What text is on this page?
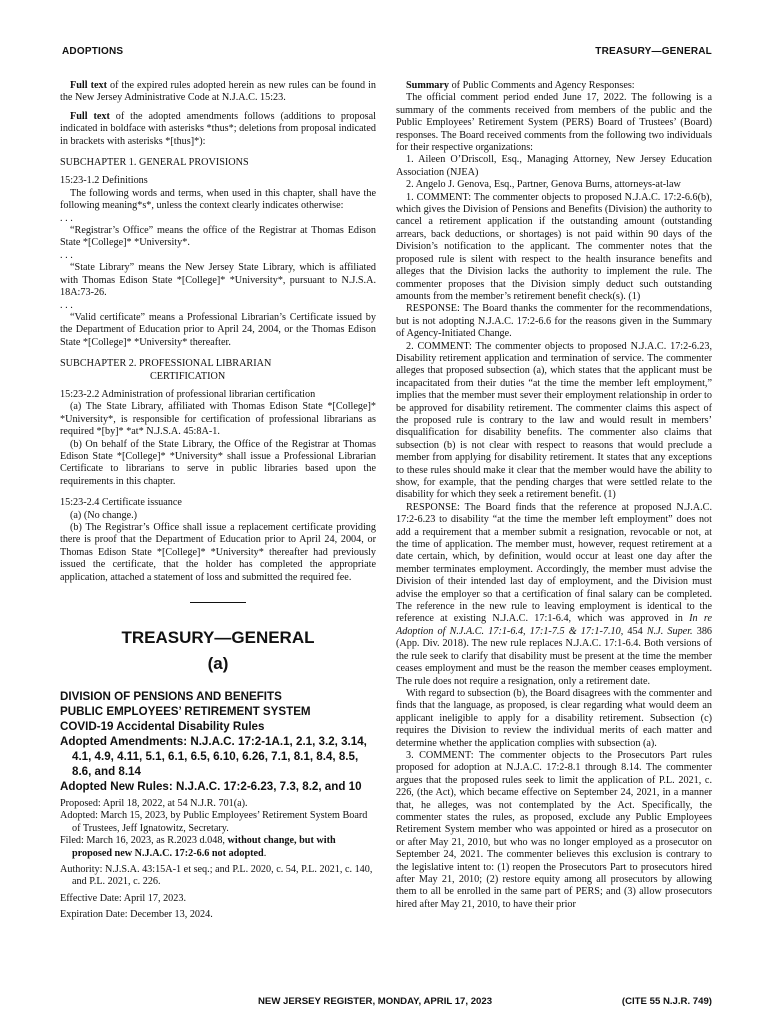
ADOPTIONS	TREASURY—GENERAL

Full text of the expired rules adopted herein as new rules can be found in the New Jersey Administrative Code at N.J.A.C. 15:23.

Full text of the adopted amendments follows (additions to proposal indicated in boldface with asterisks *thus*; deletions from proposal indicated in brackets with asterisks *[thus]*):

SUBCHAPTER 1. GENERAL PROVISIONS

15:23-1.2 Definitions

The following words and terms, when used in this chapter, shall have the following meaning*s*, unless the context clearly indicates otherwise:

. . .

“Registrar’s Office” means the office of the Registrar at Thomas Edison State *[College]* *University*.

. . .

“State Library” means the New Jersey State Library, which is affiliated with Thomas Edison State *[College]* *University*, pursuant to N.J.S.A. 18A:73-26.

. . .

“Valid certificate” means a Professional Librarian’s Certificate issued by the Department of Education prior to April 24, 2004, or the Thomas Edison State *[College]* *University* thereafter.

SUBCHAPTER 2. PROFESSIONAL LIBRARIAN

CERTIFICATION

15:23-2.2 Administration of professional librarian certification

(a) The State Library, affiliated with Thomas Edison State *[College]* *University*, is responsible for certification of professional librarians as required *[by]* *at* N.J.S.A. 45:8A-1.

(b) On behalf of the State Library, the Office of the Registrar at Thomas Edison State *[College]* *University* shall issue a Professional Librarian Certificate to librarians to serve in public libraries based upon the requirements in this chapter.

15:23-2.4 Certificate issuance

(a) (No change.)

(b) The Registrar’s Office shall issue a replacement certificate providing there is proof that the Department of Education prior to April 24, 2004, or Thomas Edison State *[College]* *University* thereafter had previously issued the certificate, that the holder has completed the appropriate application, attached a statement of loss and submitted the required fee.

TREASURY—GENERAL
(a)
DIVISION OF PENSIONS AND BENEFITS
PUBLIC EMPLOYEES’ RETIREMENT SYSTEM
COVID-19 Accidental Disability Rules
Adopted Amendments: N.J.A.C. 17:2-1A.1, 2.1, 3.2, 3.14, 4.1, 4.9, 4.11, 5.1, 6.1, 6.5, 6.10, 6.26, 7.1, 8.1, 8.4, 8.5, 8.6, and 8.14
Adopted New Rules: N.J.A.C. 17:2-6.23, 7.3, 8.2, and 10

Proposed: April 18, 2022, at 54 N.J.R. 701(a).

Adopted: March 15, 2023, by Public Employees’ Retirement System Board of Trustees, Jeff Ignatowitz, Secretary.

Filed: March 16, 2023, as R.2023 d.048, without change, but with proposed new N.J.A.C. 17:2-6.6 not adopted.

Authority: N.J.S.A. 43:15A-1 et seq.; and P.L. 2020, c. 54, P.L. 2021, c. 140, and P.L. 2021, c. 226.

Effective Date: April 17, 2023.

Expiration Date: December 13, 2024.

Summary of Public Comments and Agency Responses:

The official comment period ended June 17, 2022. The following is a summary of the comments received from members of the public and the Public Employees’ Retirement System (PERS) Board of Trustees’ (Board) responses. The Board received comments from the following two individuals for their respective organizations:

1. Aileen O’Driscoll, Esq., Managing Attorney, New Jersey Education Association (NJEA)

2. Angelo J. Genova, Esq., Partner, Genova Burns, attorneys-at-law

1. COMMENT: The commenter objects to proposed N.J.A.C. 17:2-6.6(b), which gives the Division of Pensions and Benefits (Division) the authority to cancel a retirement application if the outstanding amount (outstanding arrears, back deductions, or shortages) is not paid within 90 days of the Division’s notification to the applicant. The commenter notes that the proposed rule is silent with respect to the health insurance benefits and alleges that the Division lacks the authority to implement the rule. The commenter proposes that the Division simply deduct such outstanding amounts from the member’s retirement benefit check(s). (1)

RESPONSE: The Board thanks the commenter for the recommendations, but is not adopting N.J.A.C. 17:2-6.6 for the reasons given in the Summary of Agency-Initiated Change.

2. COMMENT: The commenter objects to proposed N.J.A.C. 17:2-6.23, Disability retirement application and termination of service. The commenter alleges that proposed subsection (a), which states that the applicant must be incapacitated from their duties “at the time the member left employment,” implies that the member must sever their employment relationship in order to be approved for disability retirement. The commenter claims this aspect of the proposed rule is contrary to the law and would result in members’ disqualification for disability benefits. The commenter also claims that subsection (b) is not clear with respect to reasons that would preclude a member from applying for disability retirement. It states that any exceptions to these rules should make it clear that the member would have the ability to show, for example, that the pending charges that were settled relate to the disability for which they seek a retirement benefit. (1)

RESPONSE: The Board finds that the reference at proposed N.J.A.C. 17:2-6.23 to disability “at the time the member left employment” does not add a requirement that a member submit a resignation, revocable or not, at the time of application. The member must, however, request retirement at a date certain, which, by definition, would occur at least one day after the member terminates employment. Accordingly, the member must advise the Division of their intended last day of employment, and the Division must advise the employer so that a certification of final salary can be completed. The reference in the new rule to leaving employment is identical to the reference at existing N.J.A.C. 17:1-6.4, which was approved in In re Adoption of N.J.A.C. 17:1-6.4, 17:1-7.5 & 17:1-7.10, 454 N.J. Super. 386 (App. Div. 2018). The new rule replaces N.J.A.C. 17:1-6.4. Both versions of the rule seek to clarify that disability must be present at the time the member ceases employment and must be the reason the member ceases employment. The rule does not require a resignation, only a retirement date.

With regard to subsection (b), the Board disagrees with the commenter and finds that the language, as proposed, is clear regarding what would deem an applicant ineligible to apply for a disability retirement. Subsection (c) requires the Division to review the individual merits of each matter and determine whether the application complies with subsection (a).

3. COMMENT: The commenter objects to the Prosecutors Part rules proposed for adoption at N.J.A.C. 17:2-8.1 through 8.14. The commenter argues that the proposed rules seek to limit the application of P.L. 2021, c. 226, (the Act), which became effective on September 24, 2021, in a manner that, he alleges, was not contemplated by the Act. Specifically, the commenter states the rules, as proposed, exclude any Public Employees Retirement System member who was appointed or hired as a prosecutor on or after May 21, 2010, but who was no longer employed as a prosecutor on September 24, 2021. The commenter believes this exclusion is contrary to the legislative intent to: (1) reopen the Prosecutors Part to prosecutors hired after May 21, 2010; (2) restore equity among all prosecutors by allowing them to all be enrolled in the same part of PERS; and (3) allow prosecutors hired after May 21, 2010, to have their prior

NEW JERSEY REGISTER, MONDAY, APRIL 17, 2023	(CITE 55 N.J.R. 749)
